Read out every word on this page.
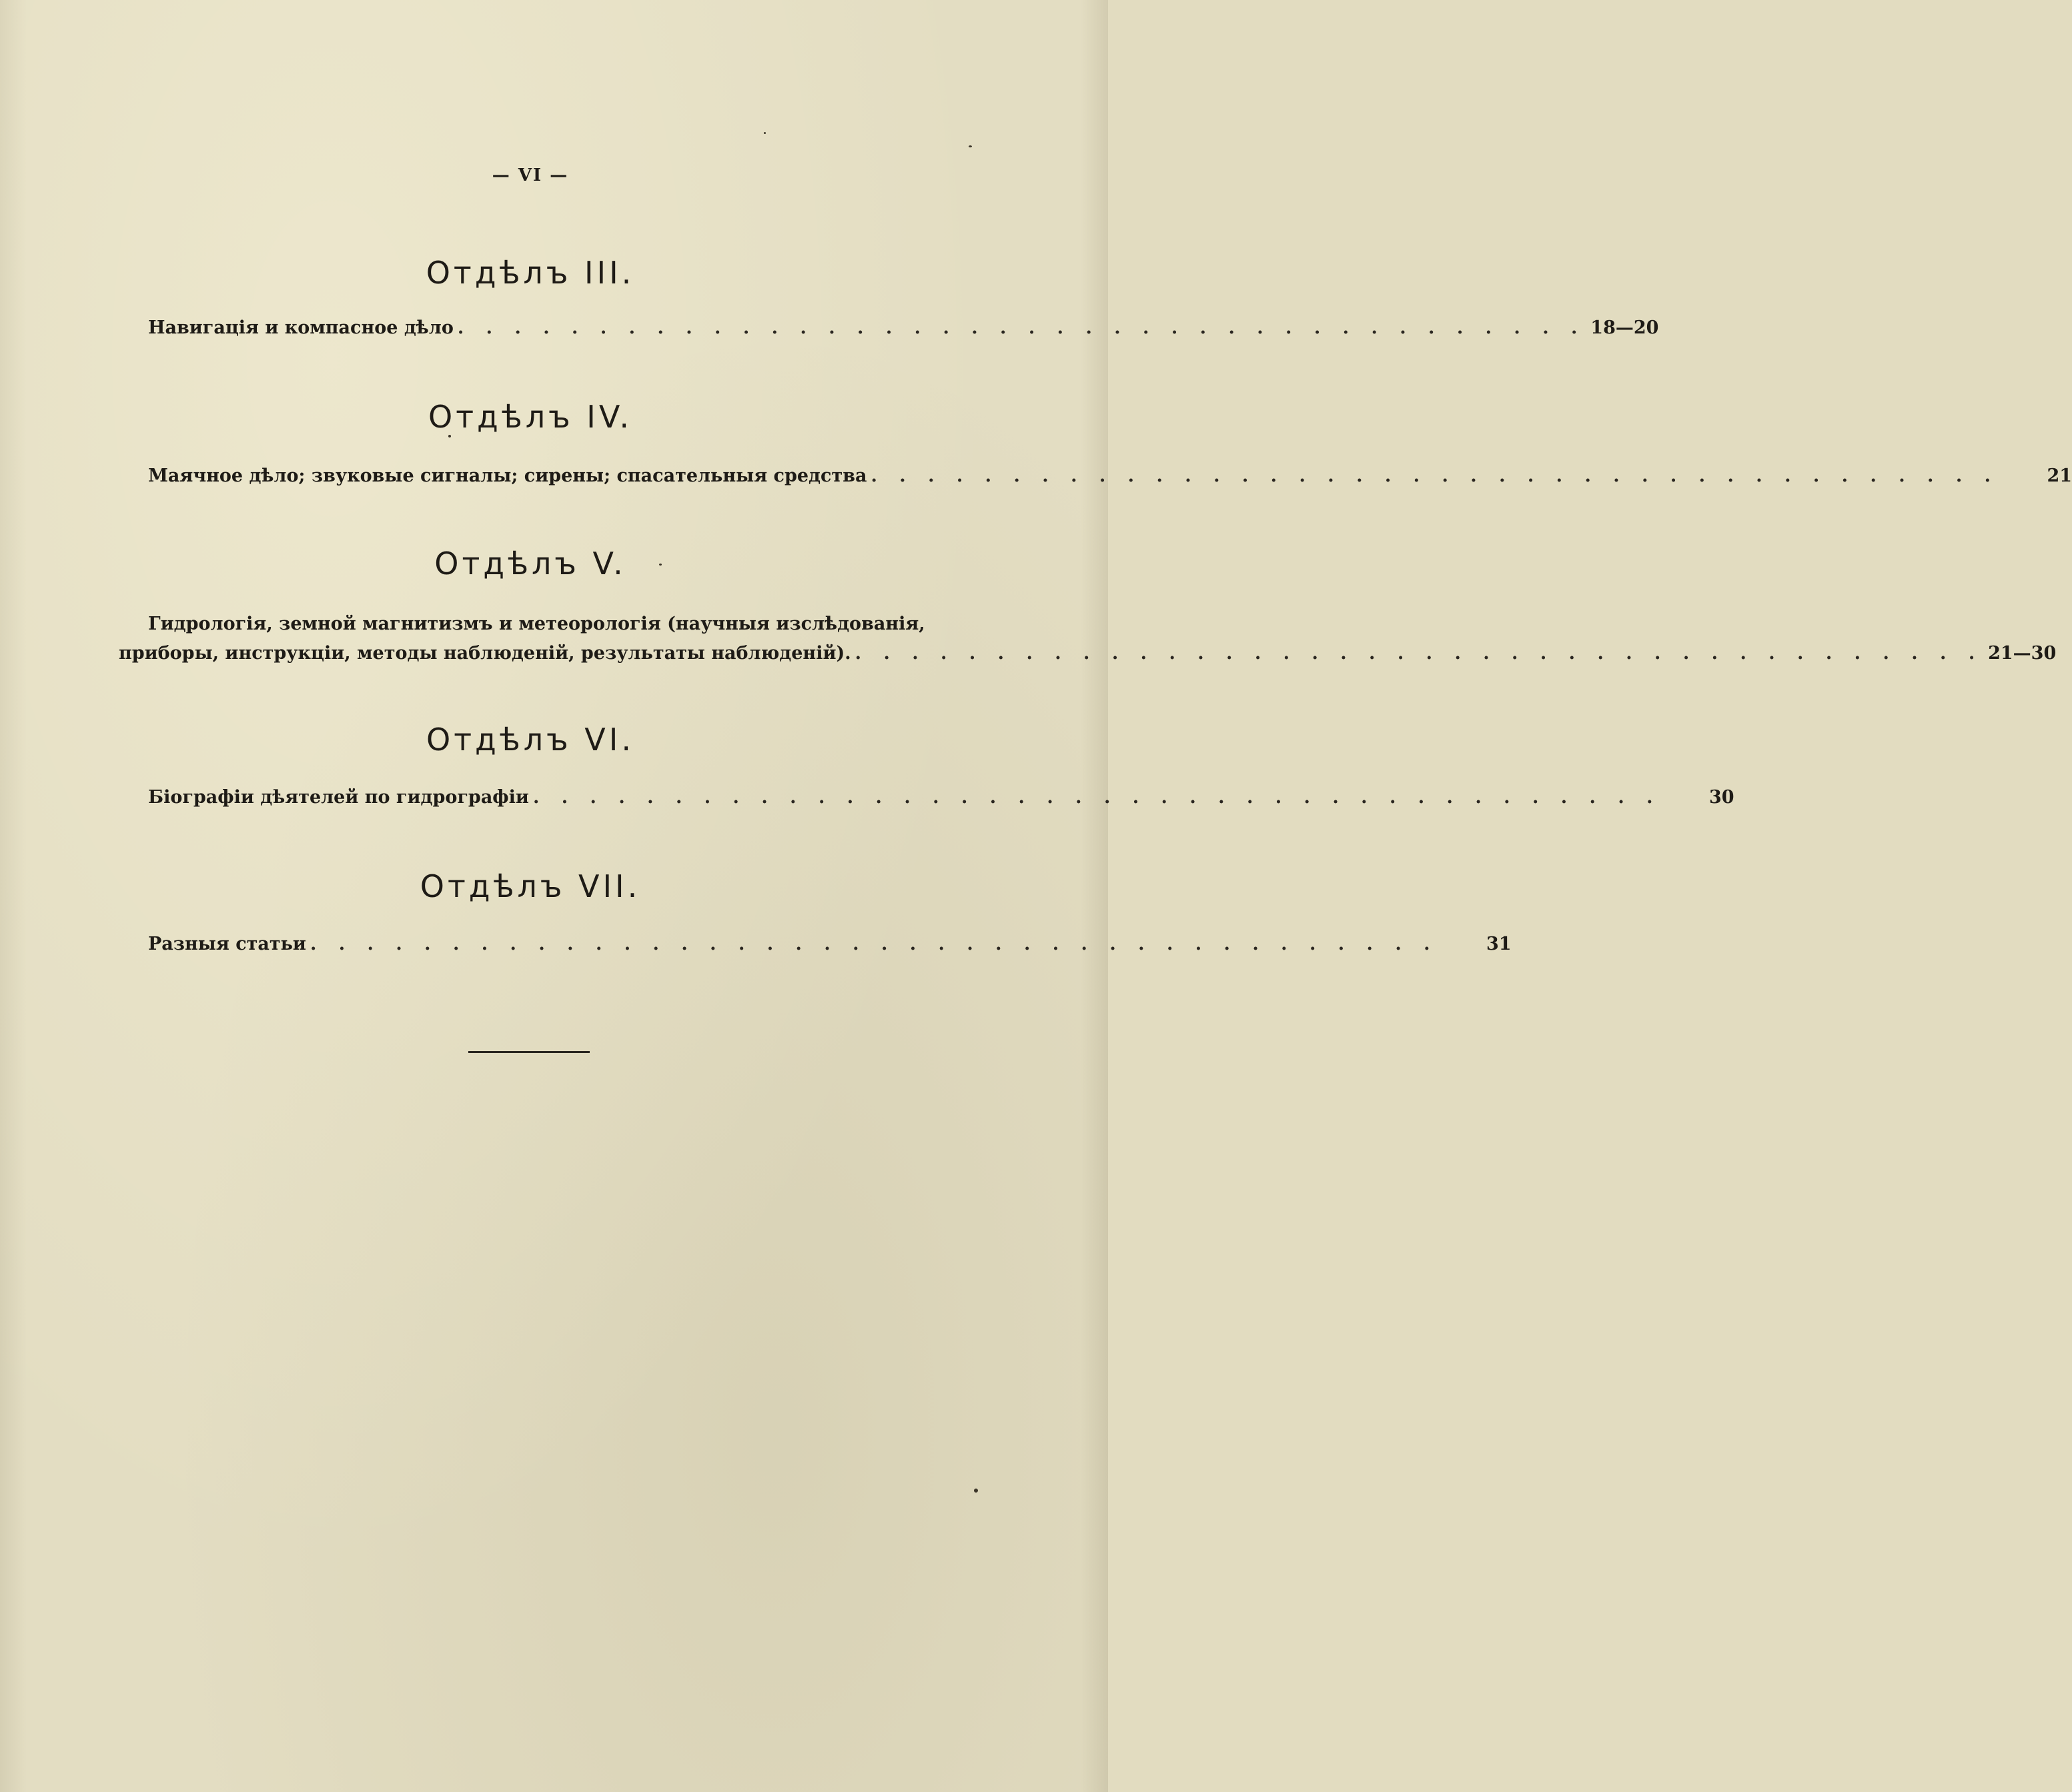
— VI —
Отдѣлъ III.
Навигація и компасное дѣло . . . . . . . . . . . . . . . . . . . . . . . . . . . . . . . . . . . . . . . . 18—20
Отдѣлъ IV.
Маячное дѣло; звуковые сигналы; сирены; спасательныя средства . . . . . . . . . . . . . . . . . . . . . . . . . . . . . . . . . . . . . . . .	21
Отдѣлъ V.
Гидрологія, земной магнитизмъ и метеорологія (научныя изслѣдованія,
приборы, инструкціи, методы наблюденій, результаты наблюденій). . . . . . . . . . . . . . . . . . . . . . . . . . . . . . . . . . . . . . . . . 21—30
Отдѣлъ VI.
Біографіи дѣятелей по гидрографіи . . . . . . . . . . . . . . . . . . . . . . . . . . . . . . . . . . . . . . . .	30
Отдѣлъ VII.
Разныя статьи . . . . . . . . . . . . . . . . . . . . . . . . . . . . . . . . . . . . . . . .	31
